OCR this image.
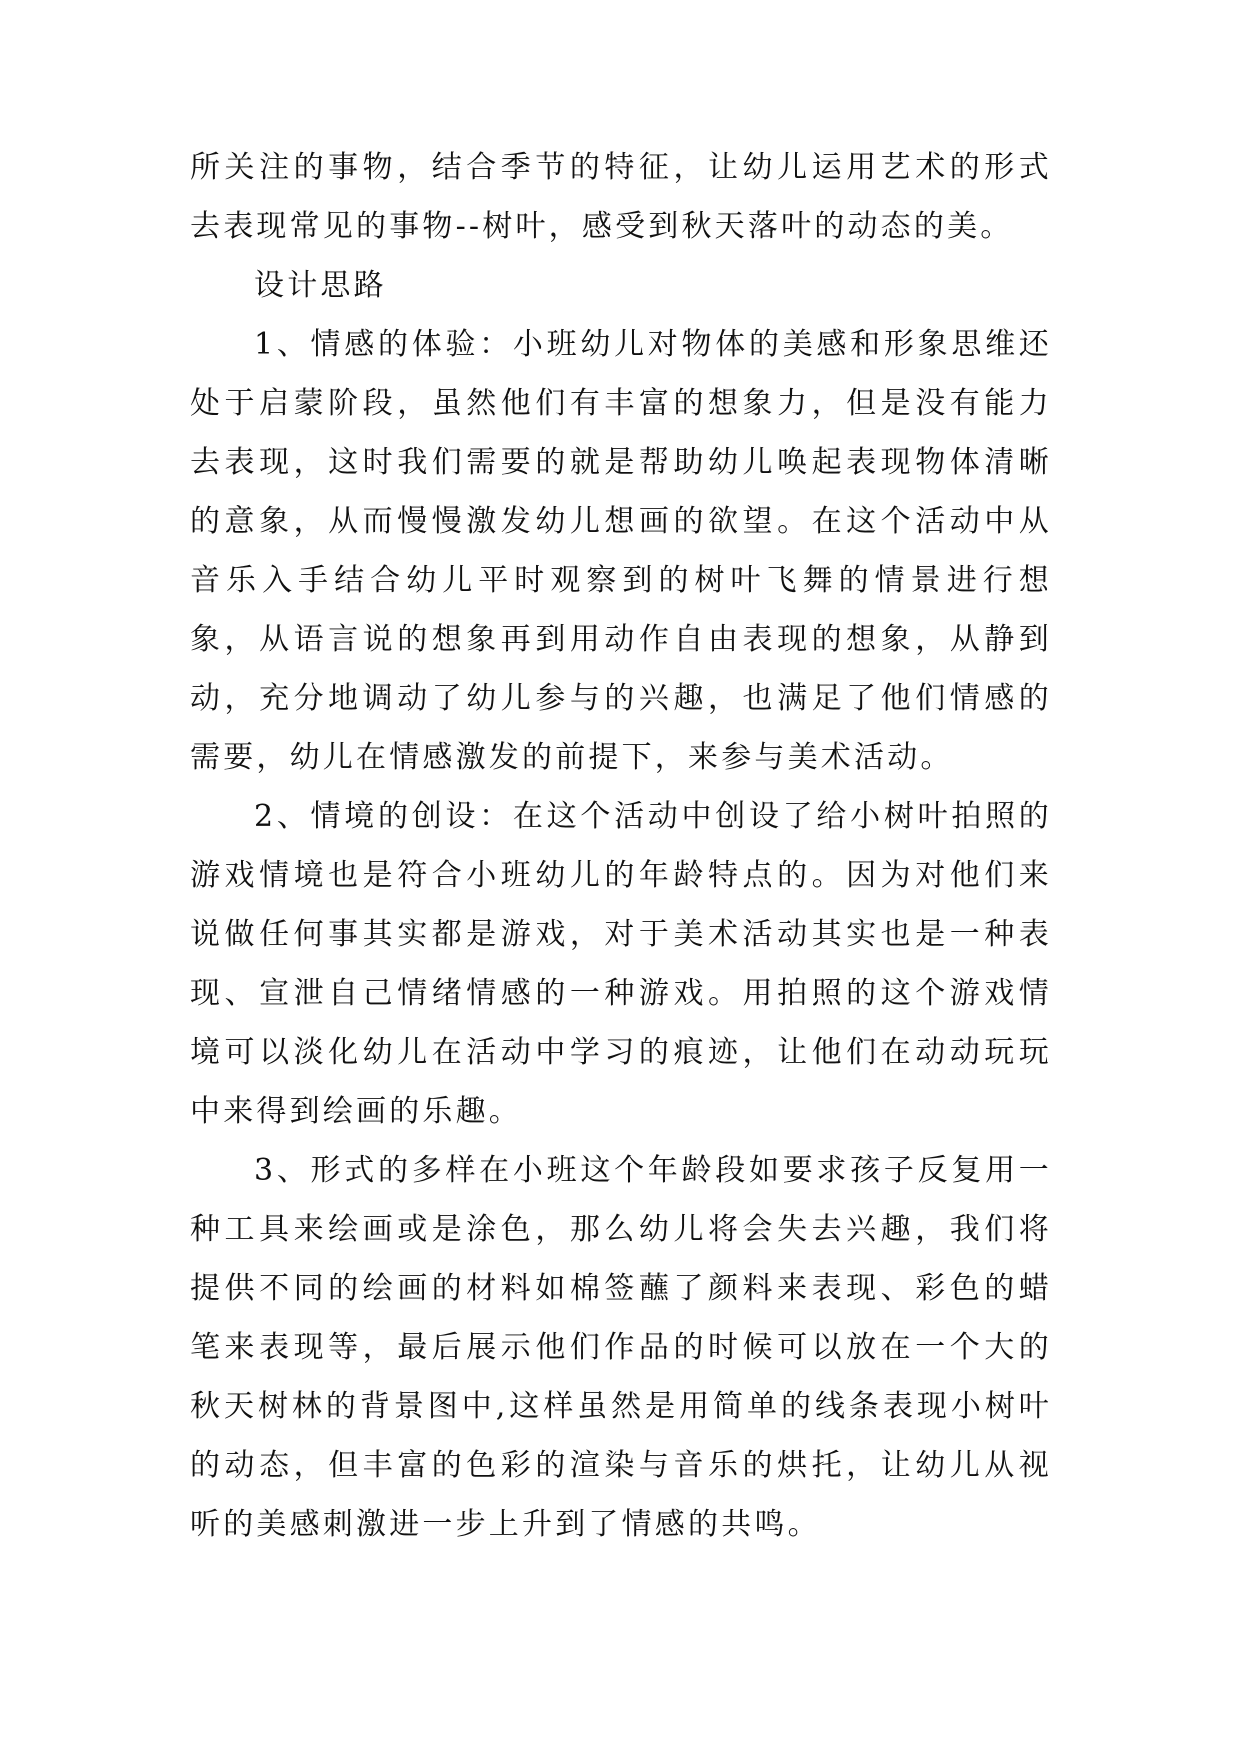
所关注的事物，结合季节的特征，让幼儿运用艺术的形式去表现常见的事物--树叶，感受到秋天落叶的动态的美。

设计思路

1、情感的体验：小班幼儿对物体的美感和形象思维还处于启蒙阶段，虽然他们有丰富的想象力，但是没有能力去表现，这时我们需要的就是帮助幼儿唤起表现物体清晰的意象，从而慢慢激发幼儿想画的欲望。在这个活动中从音乐入手结合幼儿平时观察到的树叶飞舞的情景进行想象，从语言说的想象再到用动作自由表现的想象，从静到动，充分地调动了幼儿参与的兴趣，也满足了他们情感的需要，幼儿在情感激发的前提下，来参与美术活动。

2、情境的创设：在这个活动中创设了给小树叶拍照的游戏情境也是符合小班幼儿的年龄特点的。因为对他们来说做任何事其实都是游戏，对于美术活动其实也是一种表现、宣泄自己情绪情感的一种游戏。用拍照的这个游戏情境可以淡化幼儿在活动中学习的痕迹，让他们在动动玩玩中来得到绘画的乐趣。

3、形式的多样在小班这个年龄段如要求孩子反复用一种工具来绘画或是涂色，那么幼儿将会失去兴趣，我们将提供不同的绘画的材料如棉签蘸了颜料来表现、彩色的蜡笔来表现等，最后展示他们作品的时候可以放在一个大的秋天树林的背景图中,这样虽然是用简单的线条表现小树叶的动态，但丰富的色彩的渲染与音乐的烘托，让幼儿从视听的美感刺激进一步上升到了情感的共鸣。
